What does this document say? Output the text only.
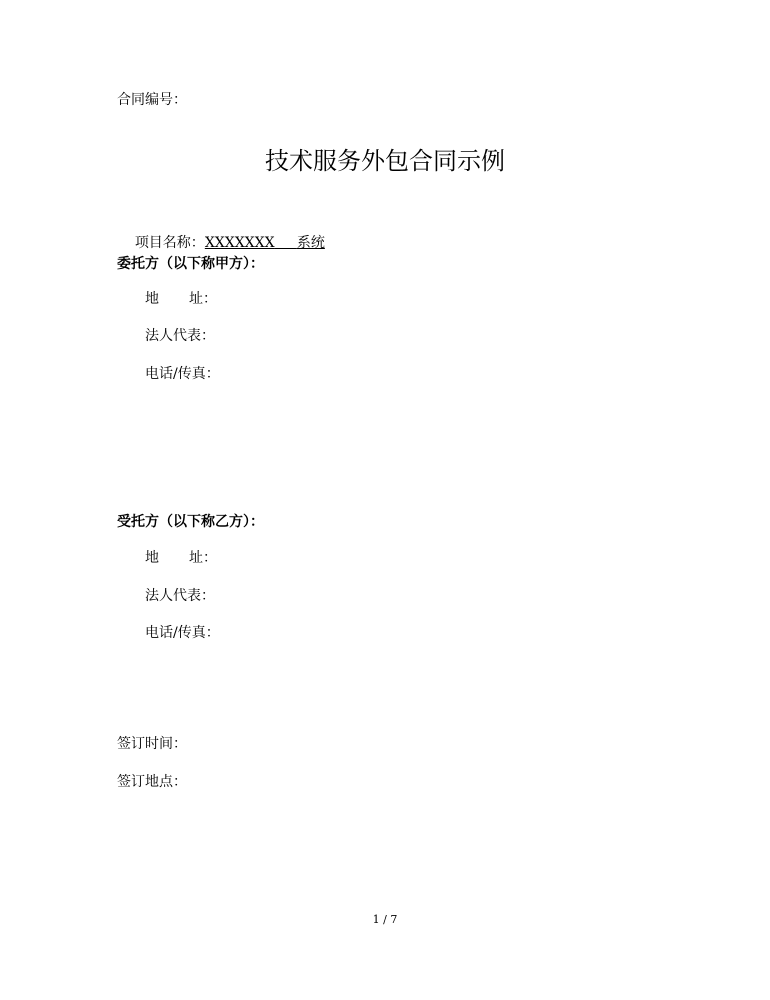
合同编号：
技术服务外包合同示例

项目名称：XXXXXXX 系统

委托方（以下称甲方）：
地 址：
法人代表：
电话/传真：
受托方（以下称乙方）：
地 址：
法人代表：
电话/传真：
签订时间：
签订地点：
1 / 7
